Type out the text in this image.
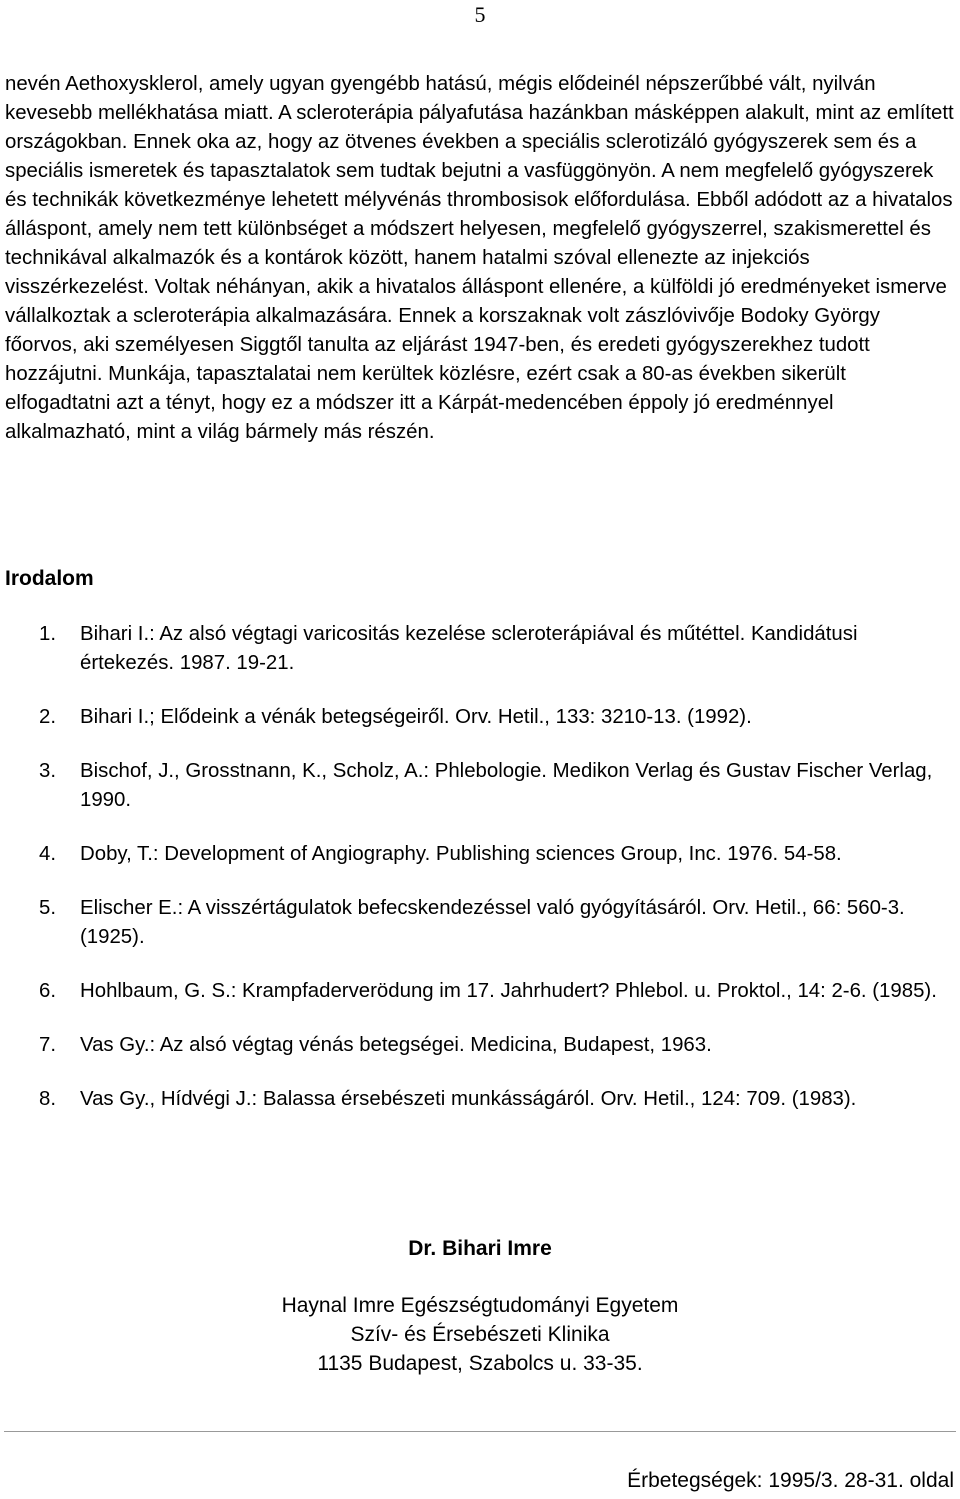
5

nevén Aethoxysklerol, amely ugyan gyengébb hatású, mégis elődeinél népszerűbbé vált, nyilván kevesebb mellékhatása miatt. A scleroterápia pályafutása hazánkban másképpen alakult, mint az említett országokban. Ennek oka az, hogy az ötvenes években a speciális sclerotizáló gyógyszerek sem és a speciális ismeretek és tapasztalatok sem tudtak bejutni a vasfüggönyön. A nem megfelelő gyógyszerek és technikák következménye lehetett mélyvénás thrombosisok előfordulása. Ebből adódott az a hivatalos álláspont, amely nem tett különbséget a módszert helyesen, megfelelő gyógyszerrel, szakismerettel és technikával alkalmazók és a kontárok között, hanem hatalmi szóval ellenezte az injekciós visszérkezelést. Voltak néhányan, akik a hivatalos álláspont ellenére, a külföldi jó eredményeket ismerve vállalkoztak a scleroterápia alkalmazására. Ennek a korszaknak volt zászlóvivője Bodoky György főorvos, aki személyesen Siggtől tanulta az eljárást 1947-ben, és eredeti gyógyszerekhez tudott hozzájutni. Munkája, tapasztalatai nem kerültek közlésre, ezért csak a 80-as években sikerült elfogadtatni azt a tényt, hogy ez a módszer itt a Kárpát-medencében éppoly jó eredménnyel alkalmazható, mint a világ bármely más részén.

Irodalom
1. Bihari I.: Az alsó végtagi varicositás kezelése scleroterápiával és műtéttel. Kandidátusi értekezés. 1987. 19-21.
2. Bihari I.; Elődeink a vénák betegségeiről. Orv. Hetil., 133: 3210-13. (1992).
3. Bischof, J., Grosstnann, K., Scholz, A.: Phlebologie. Medikon Verlag és Gustav Fischer Verlag, 1990.
4. Doby, T.: Development of Angiography. Publishing sciences Group, Inc. 1976. 54-58.
5. Elischer E.: A visszértágulatok befecskendezéssel való gyógyításáról. Orv. Hetil., 66: 560-3. (1925).
6. Hohlbaum, G. S.: Krampfaderverödung im 17. Jahrhudert? Phlebol. u. Proktol., 14: 2-6. (1985).
7. Vas Gy.: Az alsó végtag vénás betegségei. Medicina, Budapest, 1963.
8. Vas Gy., Hídvégi J.: Balassa érsebészeti munkásságáról. Orv. Hetil., 124: 709. (1983).

Dr. Bihari Imre

Haynal Imre Egészségtudományi Egyetem

Szív- és Érsebészeti Klinika

1135 Budapest, Szabolcs u. 33-35.

Érbetegségek: 1995/3. 28-31. oldal
